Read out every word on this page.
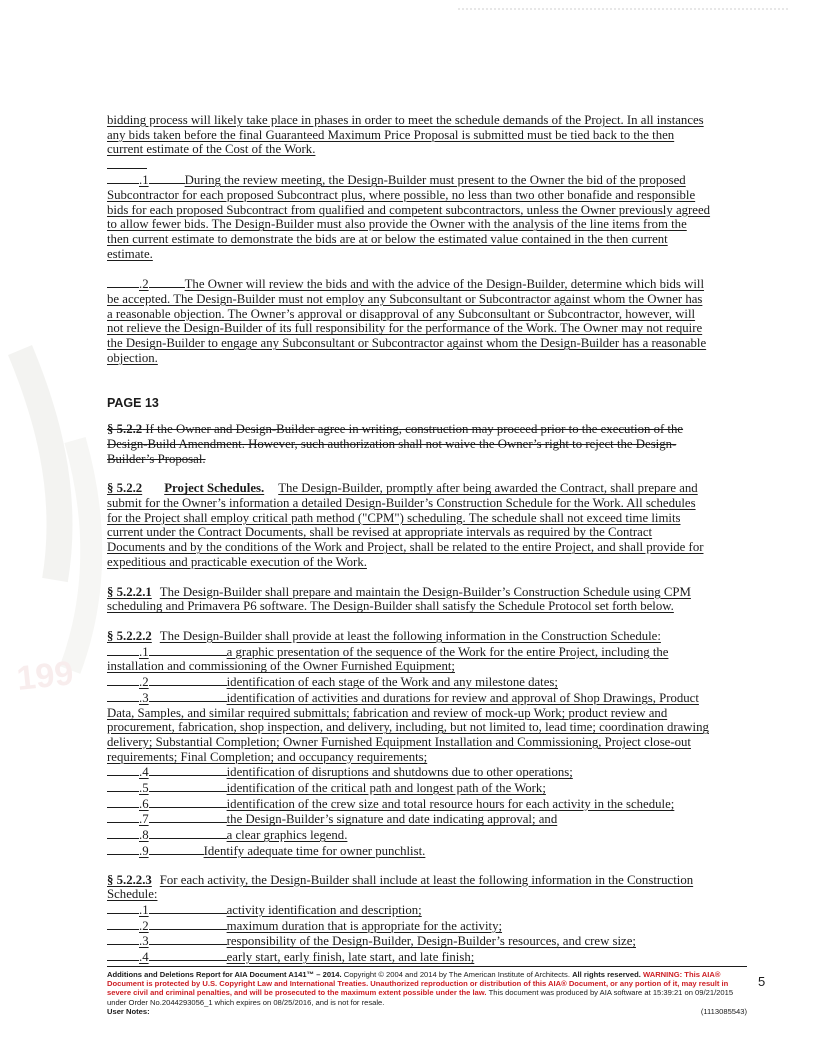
199

bidding process will likely take place in phases in order to meet the schedule demands of the Project. In all instances any bids taken before the final Guaranteed Maximum Price Proposal is submitted must be tied back to the then current estimate of the Cost of the Work.

.1	During the review meeting, the Design-Builder must present to the Owner the bid of the proposed Subcontractor for each proposed Subcontract plus, where possible, no less than two other bonafide and responsible bids for each proposed Subcontract from qualified and competent subcontractors, unless the Owner previously agreed to allow fewer bids. The Design-Builder must also provide the Owner with the analysis of the line items from the then current estimate to demonstrate the bids are at or below the estimated value contained in the then current estimate.

.2	The Owner will review the bids and with the advice of the Design-Builder, determine which bids will be accepted. The Design-Builder must not employ any Subconsultant or Subcontractor against whom the Owner has a reasonable objection. The Owner’s approval or disapproval of any Subconsultant or Subcontractor, however, will not relieve the Design-Builder of its full responsibility for the performance of the Work. The Owner may not require the Design-Builder to engage any Subconsultant or Subcontractor against whom the Design-Builder has a reasonable objection.

PAGE 13

§ 5.2.2 If the Owner and Design-Builder agree in writing, construction may proceed prior to the execution of the Design-Build Amendment. However, such authorization shall not waive the Owner’s right to reject the Design-Builder’s Proposal.

§ 5.2.2 Project Schedules. The Design-Builder, promptly after being awarded the Contract, shall prepare and submit for the Owner’s information a detailed Design-Builder’s Construction Schedule for the Work. All schedules for the Project shall employ critical path method ("CPM") scheduling. The schedule shall not exceed time limits current under the Contract Documents, shall be revised at appropriate intervals as required by the Contract Documents and by the conditions of the Work and Project, shall be related to the entire Project, and shall provide for expeditious and practicable execution of the Work.

§ 5.2.2.1 The Design-Builder shall prepare and maintain the Design-Builder’s Construction Schedule using CPM scheduling and Primavera P6 software. The Design-Builder shall satisfy the Schedule Protocol set forth below.

§ 5.2.2.2 The Design-Builder shall provide at least the following information in the Construction Schedule:

.1	a graphic presentation of the sequence of the Work for the entire Project, including the installation and commissioning of the Owner Furnished Equipment;

.2	identification of each stage of the Work and any milestone dates;

.3	identification of activities and durations for review and approval of Shop Drawings, Product Data, Samples, and similar required submittals; fabrication and review of mock-up Work; product review and procurement, fabrication, shop inspection, and delivery, including, but not limited to, lead time; coordination drawing delivery; Substantial Completion; Owner Furnished Equipment Installation and Commissioning, Project close-out requirements; Final Completion; and occupancy requirements;

.4	identification of disruptions and shutdowns due to other operations;

.5	identification of the critical path and longest path of the Work;

.6	identification of the crew size and total resource hours for each activity in the schedule;

.7	the Design-Builder’s signature and date indicating approval; and

.8	a clear graphics legend.

.9	Identify adequate time for owner punchlist.

§ 5.2.2.3 For each activity, the Design-Builder shall include at least the following information in the Construction Schedule:

.1	activity identification and description;

.2	maximum duration that is appropriate for the activity;

.3	responsibility of the Design-Builder, Design-Builder’s resources, and crew size;

.4	early start, early finish, late start, and late finish;

Additions and Deletions Report for AIA Document A141™ – 2014. Copyright © 2004 and 2014 by The American Institute of Architects. All rights reserved. WARNING: This AIA® Document is protected by U.S. Copyright Law and International Treaties. Unauthorized reproduction or distribution of this AIA® Document, or any portion of it, may result in severe civil and criminal penalties, and will be prosecuted to the maximum extent possible under the law. This document was produced by AIA software at 15:39:21 on 09/21/2015 under Order No.2044293056_1 which expires on 08/25/2016, and is not for resale.
User Notes:	(1113085543)
5
